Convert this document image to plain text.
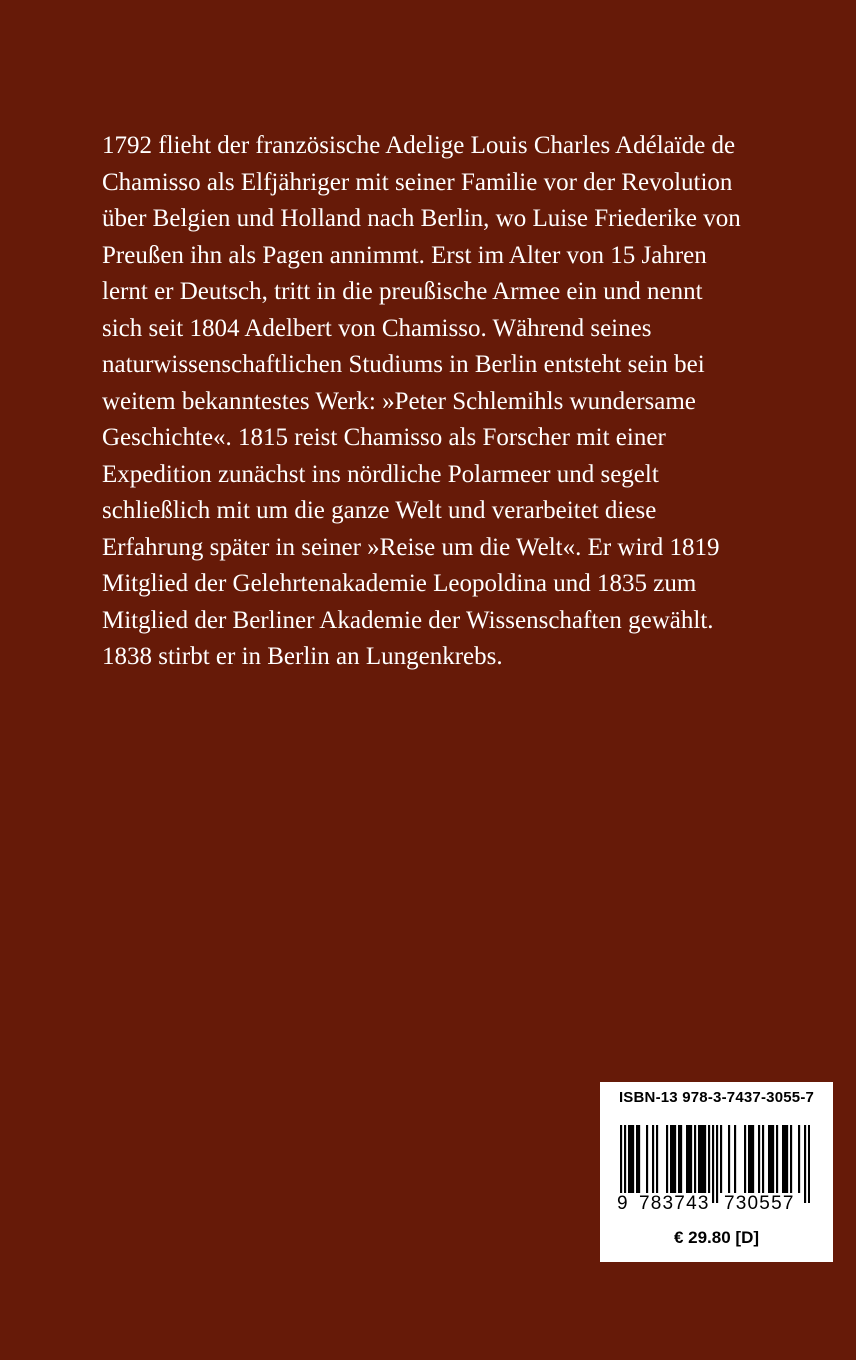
1792 flieht der französische Adelige Louis Charles Adélaïde de
Chamisso als Elfjähriger mit seiner Familie vor der Revolution
über Belgien und Holland nach Berlin, wo Luise Friederike von
Preußen ihn als Pagen annimmt. Erst im Alter von 15 Jahren
lernt er Deutsch, tritt in die preußische Armee ein und nennt
sich seit 1804 Adelbert von Chamisso. Während seines
naturwissenschaftlichen Studiums in Berlin entsteht sein bei
weitem bekanntestes Werk: »Peter Schlemihls wundersame
Geschichte«. 1815 reist Chamisso als Forscher mit einer
Expedition zunächst ins nördliche Polarmeer und segelt
schließlich mit um die ganze Welt und verarbeitet diese
Erfahrung später in seiner »Reise um die Welt«. Er wird 1819
Mitglied der Gelehrtenakademie Leopoldina und 1835 zum
Mitglied der Berliner Akademie der Wissenschaften gewählt.
1838 stirbt er in Berlin an Lungenkrebs.

ISBN-13 978-3-7437-3055-7
9 783743 730557
€ 29.80 [D]
